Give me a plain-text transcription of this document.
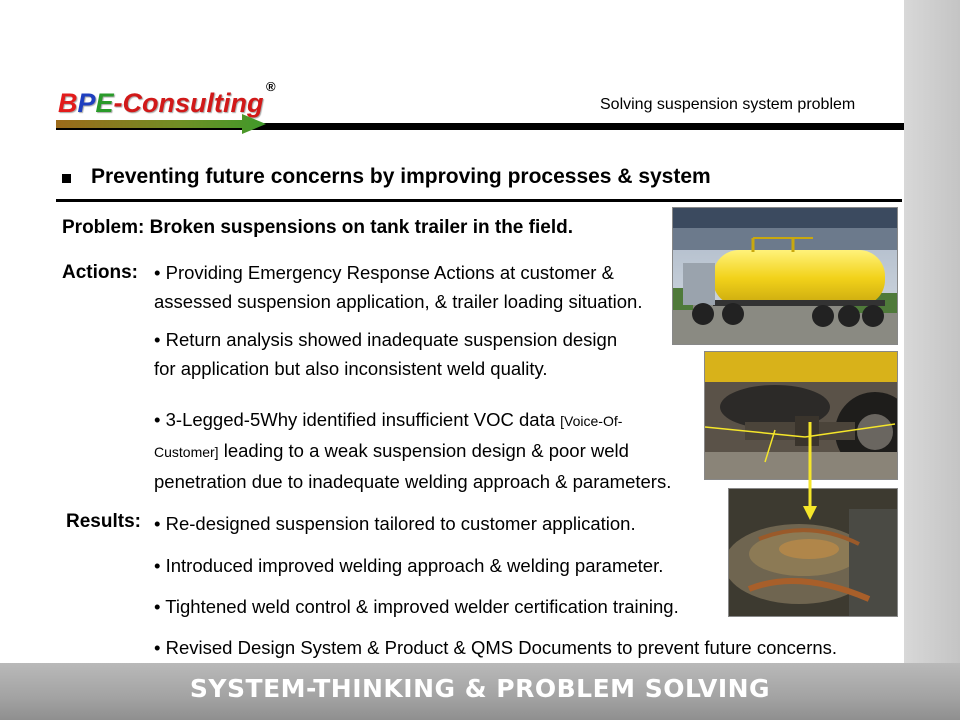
BPE-Consulting
®
Solving suspension system problem
Preventing future concerns by improving processes & system
Problem: Broken suspensions on tank trailer in the field.
Actions: • Providing Emergency Response Actions at customer &
assessed suspension application, & trailer loading situation.
• Return analysis showed inadequate suspension design
for application but also inconsistent weld quality.
• 3-Legged-5Why identified insufficient VOC data [Voice-Of-
Customer] leading to a weak suspension design & poor weld
penetration due to inadequate welding approach & parameters.
Results: • Re-designed suspension tailored to customer application.
• Introduced improved welding approach & welding parameter.
• Tightened weld control & improved welder certification training.
• Revised Design System & Product & QMS Documents to prevent future concerns.
SYSTEM-THINKING & PROBLEM SOLVING
